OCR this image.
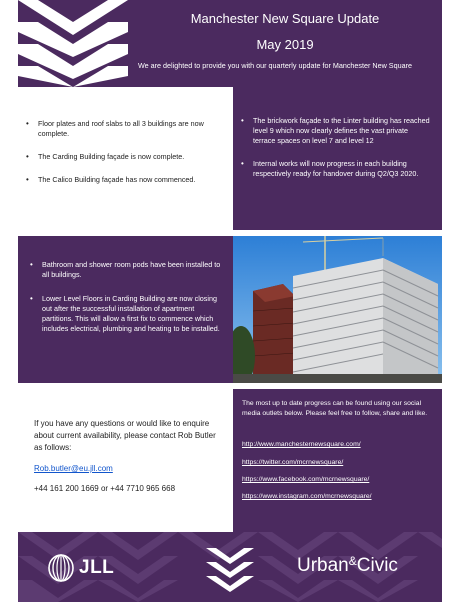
Manchester New Square Update
May 2019
We are delighted to provide you with our quarterly update for Manchester New Square
• Floor plates and roof slabs to all 3 buildings are now complete.
• The Carding Building façade is now complete.
• The Calico Building façade has now commenced.
• The brickwork façade to the Linter building has reached level 9 which now clearly defines the vast private terrace spaces on level 7 and level 12
• Internal works will now progress in each building respectively ready for handover during Q2/Q3 2020.
• Bathroom and shower room pods have been installed to all buildings.
• Lower Level Floors in Carding Building are now closing out after the successful installation of apartment partitions. This will allow a first fix to commence which includes electrical, plumbing and heating to be installed.
If you have any questions or would like to enquire about current availability, please contact Rob Butler as follows:
Rob.butler@eu.jll.com
+44 161 200 1669 or +44 7710 965 668
The most up to date progress can be found using our social media outlets below. Please feel free to follow, share and like.
http://www.manchesternewsquare.com/
https://twitter.com/mcrnewsquare/
https://www.facebook.com/mcrnewsquare/
https://www.instagram.com/mcrnewsquare/
JLL	Urban&Civic
